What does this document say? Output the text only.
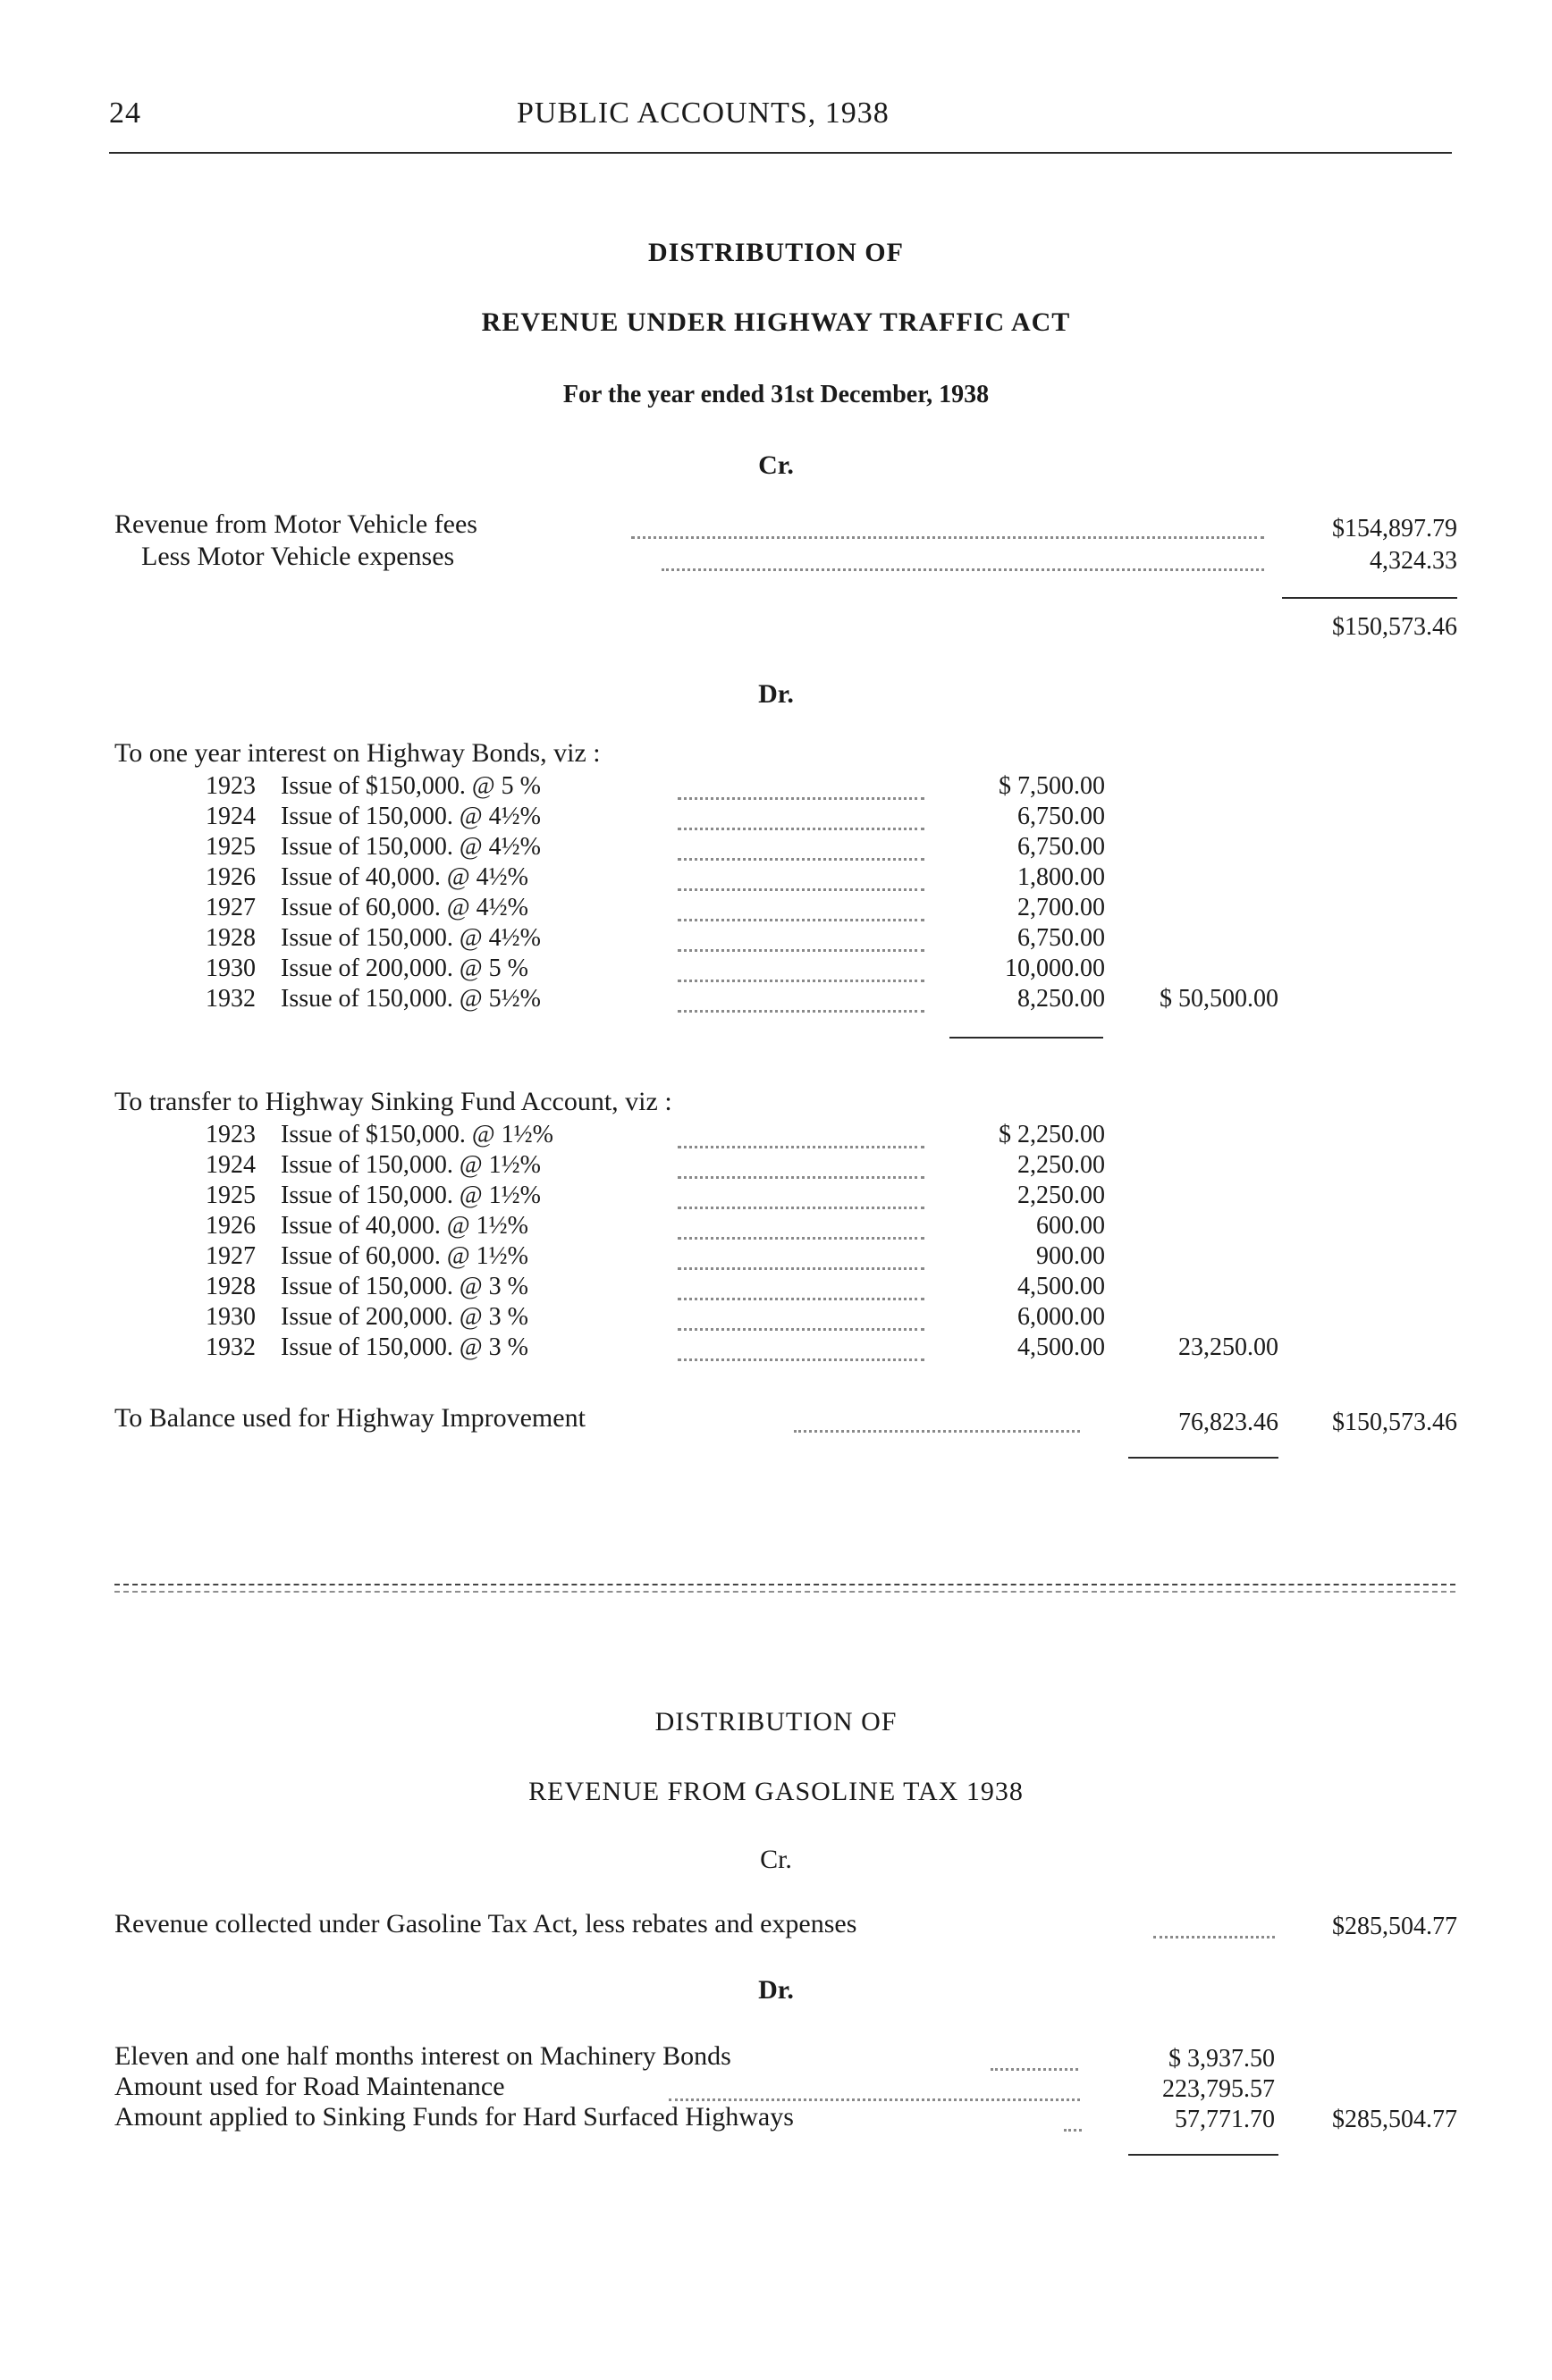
24	PUBLIC ACCOUNTS, 1938
DISTRIBUTION OF
REVENUE UNDER HIGHWAY TRAFFIC ACT
For the year ended 31st December, 1938
Cr.
Revenue from Motor Vehicle fees	$154,897.79
Less Motor Vehicle expenses	4,324.33
$150,573.46
Dr.
To one year interest on Highway Bonds, viz :
1923 Issue of $150,000. @ 5 %	$ 7,500.00
1924 Issue of 150,000. @ 4½%	6,750.00
1925 Issue of 150,000. @ 4½%	6,750.00
1926 Issue of 40,000. @ 4½%	1,800.00
1927 Issue of 60,000. @ 4½%	2,700.00
1928 Issue of 150,000. @ 4½%	6,750.00
1930 Issue of 200,000. @ 5 %	10,000.00
1932 Issue of 150,000. @ 5½%	8,250.00	$ 50,500.00
To transfer to Highway Sinking Fund Account, viz :
1923 Issue of $150,000. @ 1½%	$ 2,250.00
1924 Issue of 150,000. @ 1½%	2,250.00
1925 Issue of 150,000. @ 1½%	2,250.00
1926 Issue of 40,000. @ 1½%	600.00
1927 Issue of 60,000. @ 1½%	900.00
1928 Issue of 150,000. @ 3 %	4,500.00
1930 Issue of 200,000. @ 3 %	6,000.00
1932 Issue of 150,000. @ 3 %	4,500.00	23,250.00
To Balance used for Highway Improvement	76,823.46	$150,573.46
DISTRIBUTION OF
REVENUE FROM GASOLINE TAX 1938
Cr.
Revenue collected under Gasoline Tax Act, less rebates and expenses	$285,504.77
Dr.
Eleven and one half months interest on Machinery Bonds	$ 3,937.50
Amount used for Road Maintenance	223,795.57
Amount applied to Sinking Funds for Hard Surfaced Highways	57,771.70	$285,504.77
